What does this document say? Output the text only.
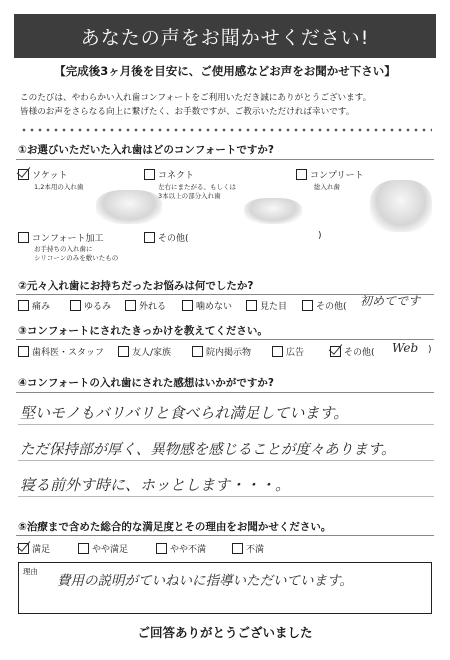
あなたの声をお聞かせください!
【完成後3ヶ月後を目安に、ご使用感などお声をお聞かせ下さい】
このたびは、やわらかい入れ歯コンフォートをご利用いただき誠にありがとうございます。
皆様のお声をさらなる向上に繋げたく、お手数ですが、ご教示いただければ幸いです。
①お選びいただいた入れ歯はどのコンフォートですか?
ソケット
1,2本用の入れ歯
コネクト
左右にまたがる、もしくは
3本以上の部分入れ歯
コンプリート
総入れ歯
コンフォート加工
お手持ちの入れ歯に
シリコーンのみを敷いたもの
その他(	)
②元々入れ歯にお持ちだったお悩みは何でしたか?
痛み	ゆるみ	外れる	噛めない	見た目	その他( 初めてです
③コンフォートにされたきっかけを教えてください。
歯科医・スタッフ	友人/家族	院内掲示物	広告	その他( Web )
④コンフォートの入れ歯にされた感想はいかがですか?
堅いモノもバリバリと食べられ満足しています。
ただ保持部が厚く、異物感を感じることが度々あります。
寝る前外す時に、ホッとします・・・。
⑤治療まで含めた総合的な満足度とその理由をお聞かせください。
満足	やや満足	やや不満	不満
理由
費用の説明がていねいに指導いただいています。
ご回答ありがとうございました
